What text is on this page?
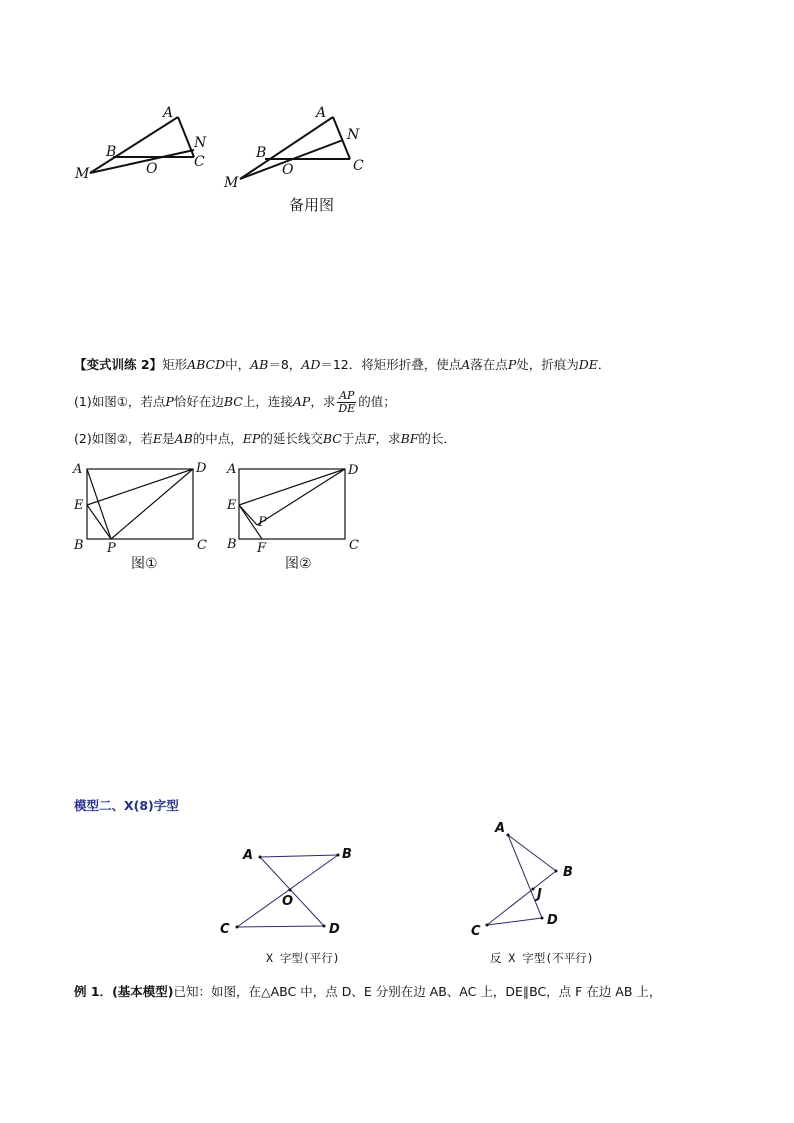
A
N
B
C
O
M
A
N
B
C
O
M
备用图
【变式训练 2】矩形ABCD中，AB＝8，AD＝12．将矩形折叠，使点A落在点P处，折痕为DE．
(1)如图①，若点P恰好在边BC上，连接AP，求 $\frac{AP}{DE}$ 的值；
(2)如图②，若E是AB的中点，EP的延长线交BC于点F，求BF的长．
A	D
E
B P	C
图①
A	D
E
P
B F	C
图②
模型二、X(8)字型
A	B
O
C	D
X 字型(平行)
A
B
J
D
C
反 X 字型(不平行)
例 1．(基本模型)已知：如图，在△ABC 中，点 D、E 分别在边 AB、AC 上，DE∥BC，点 F 在边 AB 上，
